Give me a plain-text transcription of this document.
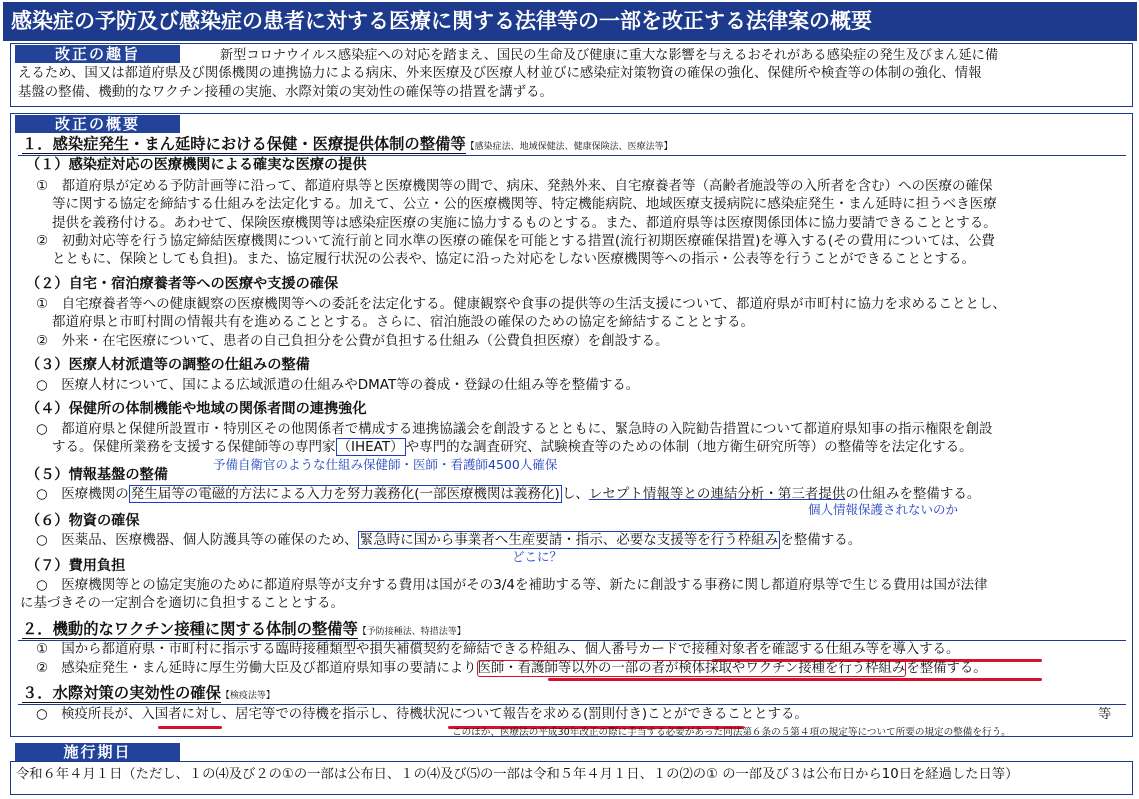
感染症の予防及び感染症の患者に対する医療に関する法律等の一部を改正する法律案の概要
改正の趣旨	新型コロナウイルス感染症への対応を踏まえ、国民の生命及び健康に重大な影響を与えるおそれがある感染症の発生及びまん延に備
えるため、国又は都道府県及び関係機関の連携協力による病床、外来医療及び医療人材並びに感染症対策物資の確保の強化、保健所や検査等の体制の強化、情報
基盤の整備、機動的なワクチン接種の実施、水際対策の実効性の確保等の措置を講ずる。
改正の概要
１．感染症発生・まん延時における保健・医療提供体制の整備等【感染症法、地域保健法、健康保険法、医療法等】
（１）感染症対応の医療機関による確実な医療の提供
①　都道府県が定める予防計画等に沿って、都道府県等と医療機関等の間で、病床、発熱外来、自宅療養者等（高齢者施設等の入所者を含む）への医療の確保
等に関する協定を締結する仕組みを法定化する。加えて、公立・公的医療機関等、特定機能病院、地域医療支援病院に感染症発生・まん延時に担うべき医療
提供を義務付ける。あわせて、保険医療機関等は感染症医療の実施に協力するものとする。また、都道府県等は医療関係団体に協力要請できることとする。
②　初動対応等を行う協定締結医療機関について流行前と同水準の医療の確保を可能とする措置(流行初期医療確保措置)を導入する(その費用については、公費
とともに、保険としても負担)。また、協定履行状況の公表や、協定に沿った対応をしない医療機関等への指示・公表等を行うことができることとする。
（２）自宅・宿泊療養者等への医療や支援の確保
①　自宅療養者等への健康観察の医療機関等への委託を法定化する。健康観察や食事の提供等の生活支援について、都道府県が市町村に協力を求めることとし、
都道府県と市町村間の情報共有を進めることとする。さらに、宿泊施設の確保のための協定を締結することとする。
②　外来・在宅医療について、患者の自己負担分を公費が負担する仕組み（公費負担医療）を創設する。
（３）医療人材派遣等の調整の仕組みの整備
○　医療人材について、国による広域派遣の仕組みやDMAT等の養成・登録の仕組み等を整備する。
（４）保健所の体制機能や地域の関係者間の連携強化
○　都道府県と保健所設置市・特別区その他関係者で構成する連携協議会を創設するとともに、緊急時の入院勧告措置について都道府県知事の指示権限を創設
する。保健所業務を支援する保健師等の専門家 （IHEAT） や専門的な調査研究、試験検査等のための体制（地方衛生研究所等）の整備等を法定化する。
予備自衛官のような仕組み保健師・医師・看護師4500人確保
（５）情報基盤の整備
○　医療機関の 発生届等の電磁的方法による入力を努力義務化(一部医療機関は義務化) し、レセプト情報等との連結分析・第三者提供の仕組みを整備する。
個人情報保護されないのか
（６）物資の確保
○　医薬品、医療機器、個人防護具等の確保のため、 緊急時に国から事業者へ生産要請・指示、必要な支援等を行う枠組み を整備する。
どこに？
（７）費用負担
○　医療機関等との協定実施のために都道府県等が支弁する費用は国がその3/4を補助する等、新たに創設する事務に関し都道府県等で生じる費用は国が法律
に基づきその一定割合を適切に負担することとする。
２．機動的なワクチン接種に関する体制の整備等【予防接種法、特措法等】
①　国から都道府県・市町村に指示する臨時接種類型や損失補償契約を締結できる枠組み、個人番号カードで接種対象者を確認する仕組み等を導入する。
②　感染症発生・まん延時に厚生労働大臣及び都道府県知事の要請により医師・看護師等以外の一部の者が検体採取やワクチン接種を行う枠組みを整備する。
３．水際対策の実効性の確保【検疫法等】
○　検疫所長が、入国者に対し、居宅等での待機を指示し、待機状況について報告を求める(罰則付き)ことができることとする。	等
このほか、医療法の平成30年改正の際に手当する必要があった同法第６条の５第４項の規定等について所要の規定の整備を行う。
施行期日
令和６年４月１日（ただし、１の⑷及び２の①の一部は公布日、１の⑷及び⑸の一部は令和５年４月１日、１の⑵の① の一部及び３は公布日から10日を経過した日等）
